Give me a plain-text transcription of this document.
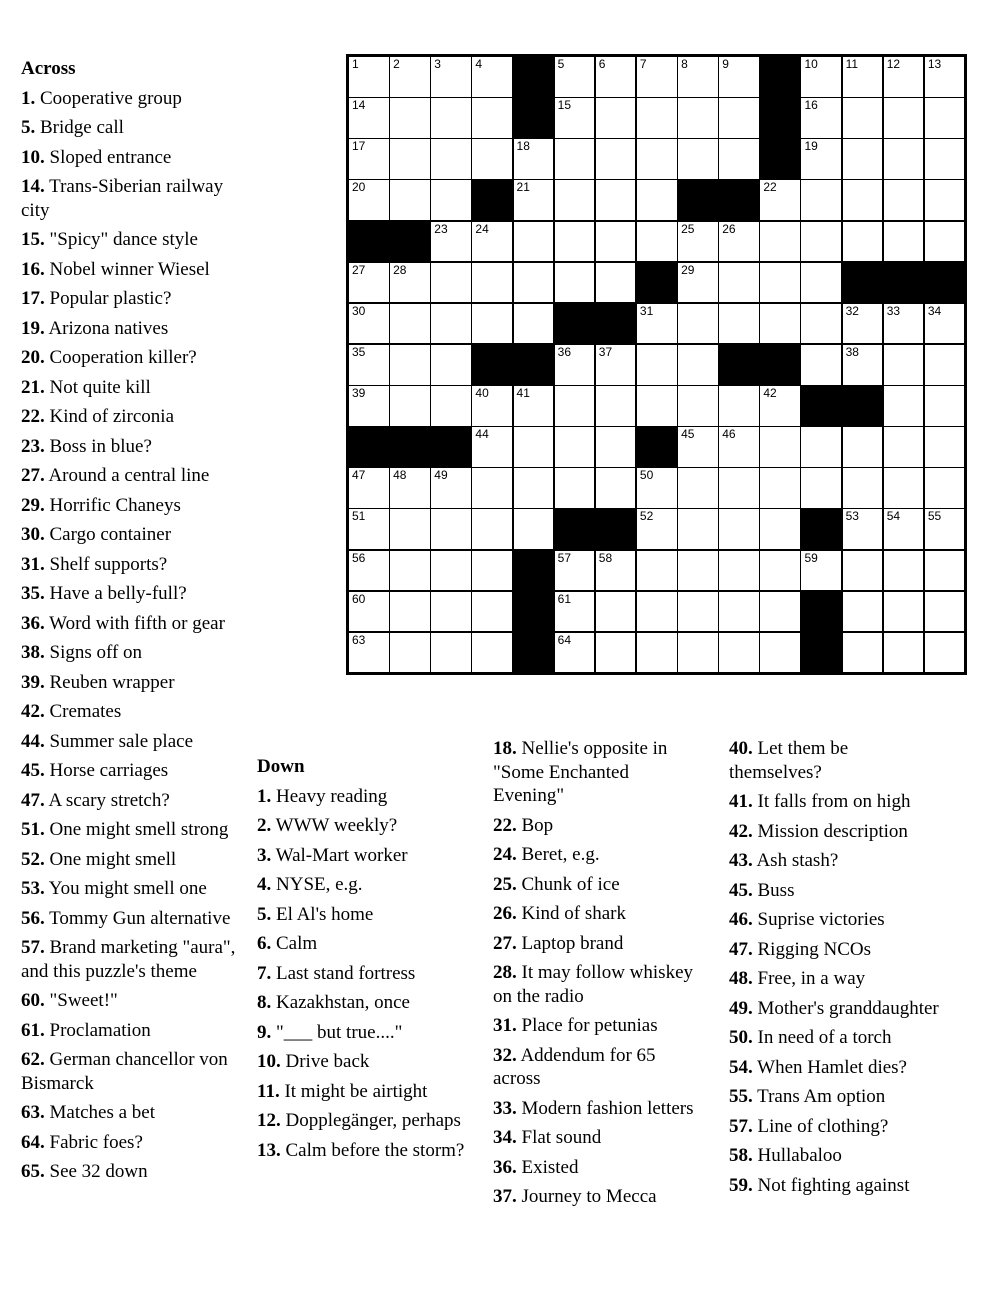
Across
1. Cooperative group
5. Bridge call
10. Sloped entrance
14. Trans-Siberian railway city
15. "Spicy" dance style
16. Nobel winner Wiesel
17. Popular plastic?
19. Arizona natives
20. Cooperation killer?
21. Not quite kill
22. Kind of zirconia
23. Boss in blue?
27. Around a central line
29. Horrific Chaneys
30. Cargo container
31. Shelf supports?
35. Have a belly-full?
36. Word with fifth or gear
38. Signs off on
39. Reuben wrapper
42. Cremates
44. Summer sale place
45. Horse carriages
47. A scary stretch?
51. One might smell strong
52. One might smell
53. You might smell one
56. Tommy Gun alternative
57. Brand marketing "aura", and this puzzle's theme
60. "Sweet!"
61. Proclamation
62. German chancellor von Bismarck
63. Matches a bet
64. Fabric foes?
65. See 32 down
Down
1. Heavy reading
2. WWW weekly?
3. Wal-Mart worker
4. NYSE, e.g.
5. El Al's home
6. Calm
7. Last stand fortress
8. Kazakhstan, once
9. "___ but true...."
10. Drive back
11. It might be airtight
12. Dopplegänger, perhaps
13. Calm before the storm?
18. Nellie's opposite in "Some Enchanted Evening"
22. Bop
24. Beret, e.g.
25. Chunk of ice
26. Kind of shark
27. Laptop brand
28. It may follow whiskey on the radio
31. Place for petunias
32. Addendum for 65 across
33. Modern fashion letters
34. Flat sound
36. Existed
37. Journey to Mecca
40. Let them be themselves?
41. It falls from on high
42. Mission description
43. Ash stash?
45. Buss
46. Suprise victories
47. Rigging NCOs
48. Free, in a way
49. Mother's granddaughter
50. In need of a torch
54. When Hamlet dies?
55. Trans Am option
57. Line of clothing?
58. Hullabaloo
59. Not fighting against
1	2	3	4	5	6	7	8	9	10 11 12 13
14	15	16
17	18	19
20	21	22
23 24	25 26
27 28	29
30	31	32 33 34
35	36 37	38
39	40 41	42
44	45 46
47 48 49	50
51	52	53 54 55
56	57 58	59
60	61
63	64
